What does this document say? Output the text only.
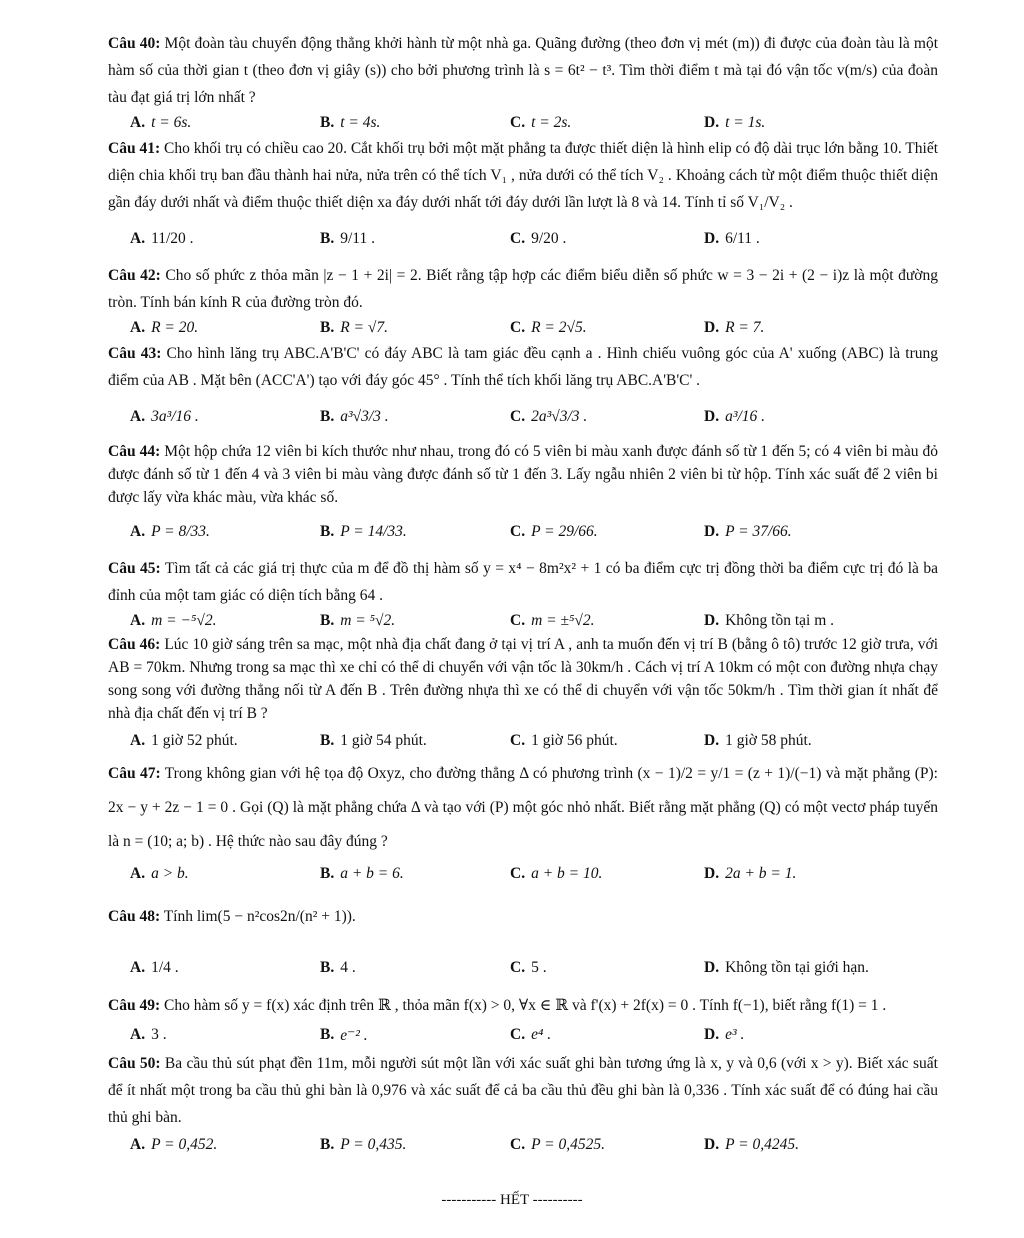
Câu 40: Một đoàn tàu chuyển động thẳng khởi hành từ một nhà ga. Quãng đường (theo đơn vị mét (m)) đi được của đoàn tàu là một hàm số của thời gian t (theo đơn vị giây (s)) cho bởi phương trình là s = 6t² − t³. Tìm thời điểm t mà tại đó vận tốc v(m/s) của đoàn tàu đạt giá trị lớn nhất ?
A. t = 6s.	B. t = 4s.	C. t = 2s.	D. t = 1s.
Câu 41: Cho khối trụ có chiều cao 20. Cắt khối trụ bởi một mặt phẳng ta được thiết diện là hình elip có độ dài trục lớn bằng 10. Thiết diện chia khối trụ ban đầu thành hai nửa, nửa trên có thể tích V₁ , nửa dưới có thể tích V₂ . Khoảng cách từ một điểm thuộc thiết diện gần đáy dưới nhất và điểm thuộc thiết diện xa đáy dưới nhất tới đáy dưới lần lượt là 8 và 14. Tính tỉ số V₁/V₂ .
A. 11/20 .	B. 9/11 .	C. 9/20 .	D. 6/11 .
Câu 42: Cho số phức z thỏa mãn |z − 1 + 2i| = 2. Biết rằng tập hợp các điểm biểu diễn số phức w = 3 − 2i + (2 − i)z là một đường tròn. Tính bán kính R của đường tròn đó.
A. R = 20.	B. R = √7.	C. R = 2√5.	D. R = 7.
Câu 43: Cho hình lăng trụ ABC.A'B'C' có đáy ABC là tam giác đều cạnh a . Hình chiếu vuông góc của A' xuống (ABC) là trung điểm của AB . Mặt bên (ACC'A') tạo với đáy góc 45° . Tính thể tích khối lăng trụ ABC.A'B'C' .
A. 3a³/16 .	B. a³√3/3 .	C. 2a³√3/3 .	D. a³/16 .
Câu 44: Một hộp chứa 12 viên bi kích thước như nhau, trong đó có 5 viên bi màu xanh được đánh số từ 1 đến 5; có 4 viên bi màu đỏ được đánh số từ 1 đến 4 và 3 viên bi màu vàng được đánh số từ 1 đến 3. Lấy ngẫu nhiên 2 viên bi từ hộp. Tính xác suất để 2 viên bi được lấy vừa khác màu, vừa khác số.
A. P = 8/33.	B. P = 14/33.	C. P = 29/66.	D. P = 37/66.
Câu 45: Tìm tất cả các giá trị thực của m để đồ thị hàm số y = x⁴ − 8m²x² + 1 có ba điểm cực trị đồng thời ba điểm cực trị đó là ba đỉnh của một tam giác có diện tích bằng 64 .
A. m = −⁵√2.	B. m = ⁵√2.	C. m = ±⁵√2.	D. Không tồn tại m .
Câu 46: Lúc 10 giờ sáng trên sa mạc, một nhà địa chất đang ở tại vị trí A , anh ta muốn đến vị trí B (bằng ô tô) trước 12 giờ trưa, với AB = 70km. Nhưng trong sa mạc thì xe chỉ có thể di chuyển với vận tốc là 30km/h . Cách vị trí A 10km có một con đường nhựa chạy song song với đường thẳng nối từ A đến B . Trên đường nhựa thì xe có thể di chuyển với vận tốc 50km/h . Tìm thời gian ít nhất để nhà địa chất đến vị trí B ?
A. 1 giờ 52 phút.	B. 1 giờ 54 phút.	C. 1 giờ 56 phút.	D. 1 giờ 58 phút.
Câu 47: Trong không gian với hệ tọa độ Oxyz, cho đường thẳng Δ có phương trình (x − 1)/2 = y/1 = (z + 1)/(−1) và mặt phẳng (P): 2x − y + 2z − 1 = 0 . Gọi (Q) là mặt phẳng chứa Δ và tạo với (P) một góc nhỏ nhất. Biết rằng mặt phẳng (Q) có một vectơ pháp tuyến là n = (10; a; b) . Hệ thức nào sau đây đúng ?
A. a > b.	B. a + b = 6.	C. a + b = 10.	D. 2a + b = 1.
Câu 48: Tính lim(5 − n²cos2n/(n² + 1)).
A. 1/4 .	B. 4 .	C. 5 .	D. Không tồn tại giới hạn.
Câu 49: Cho hàm số y = f(x) xác định trên ℝ , thỏa mãn f(x) > 0, ∀x ∈ ℝ và f'(x) + 2f(x) = 0 . Tính f(−1), biết rằng f(1) = 1 .
A. 3 .	B. e⁻² .	C. e⁴ .	D. e³ .
Câu 50: Ba cầu thủ sút phạt đền 11m, mỗi người sút một lần với xác suất ghi bàn tương ứng là x, y và 0,6 (với x > y). Biết xác suất để ít nhất một trong ba cầu thủ ghi bàn là 0,976 và xác suất để cả ba cầu thủ đều ghi bàn là 0,336 . Tính xác suất để có đúng hai cầu thủ ghi bàn.
A. P = 0,452.	B. P = 0,435.	C. P = 0,4525.	D. P = 0,4245.
----------- HẾT ----------
